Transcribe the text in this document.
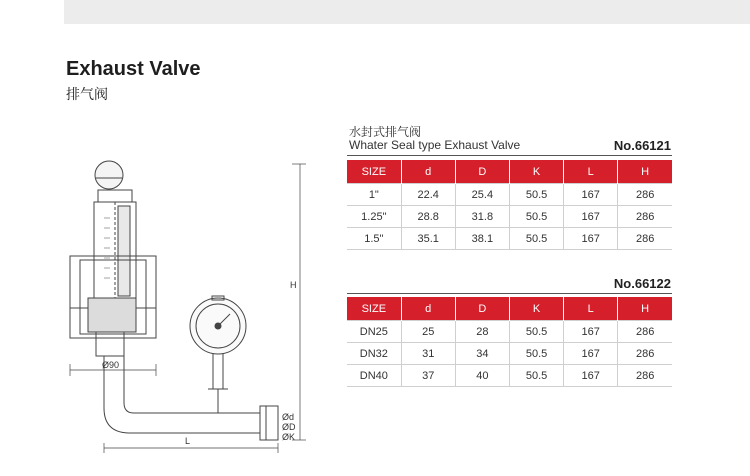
Exhaust Valve
排气阀
Ø90
L
H
Ød
ØD
ØK
水封式排气阀
Whater Seal type Exhaust Valve	No.66121
SIZE	d	D	K	L	H
1"	22.4	25.4	50.5	167	286
1.25"	28.8	31.8	50.5	167	286
1.5"	35.1	38.1	50.5	167	286
No.66122
SIZE	d	D	K	L	H
DN25	25	28	50.5	167	286
DN32	31	34	50.5	167	286
DN40	37	40	50.5	167	286
